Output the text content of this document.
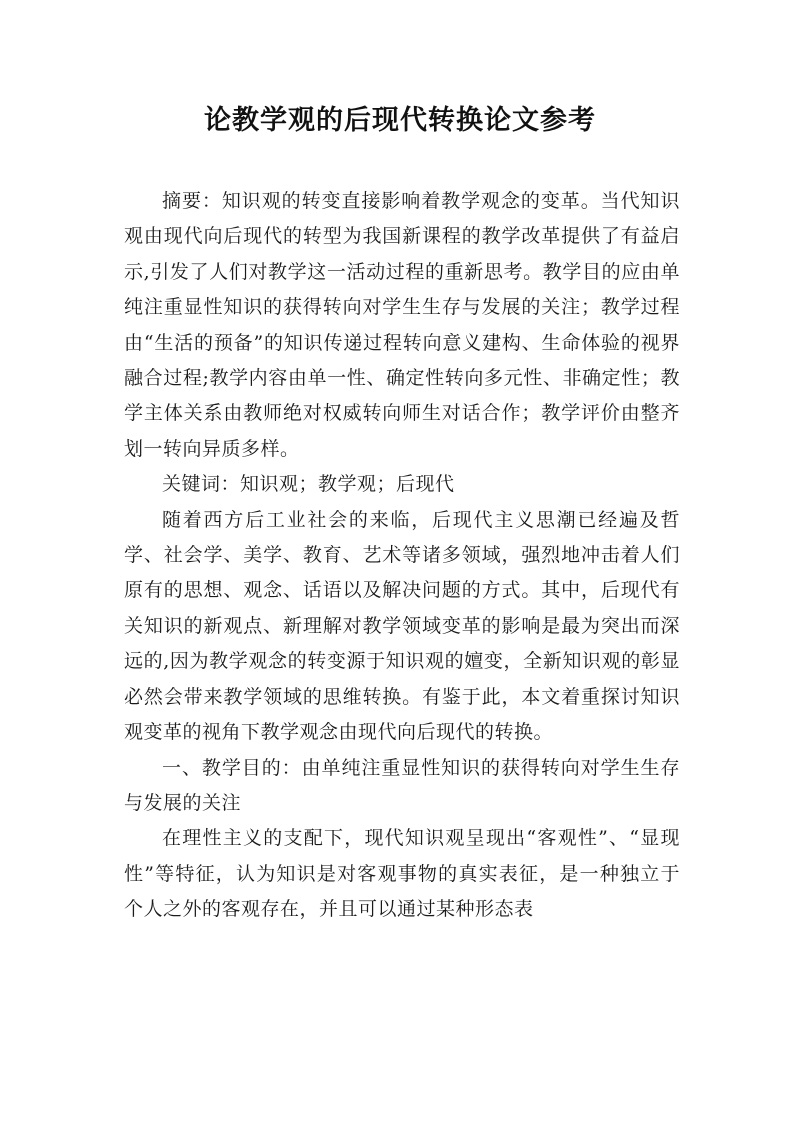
论教学观的后现代转换论文参考

摘要：知识观的转变直接影响着教学观念的变革。当代知识观由现代向后现代的转型为我国新课程的教学改革提供了有益启示,引发了人们对教学这一活动过程的重新思考。教学目的应由单纯注重显性知识的获得转向对学生生存与发展的关注；教学过程由“生活的预备”的知识传递过程转向意义建构、生命体验的视界融合过程;教学内容由单一性、确定性转向多元性、非确定性；教学主体关系由教师绝对权威转向师生对话合作；教学评价由整齐划一转向异质多样。

关键词：知识观；教学观；后现代

随着西方后工业社会的来临，后现代主义思潮已经遍及哲学、社会学、美学、教育、艺术等诸多领域，强烈地冲击着人们原有的思想、观念、话语以及解决问题的方式。其中，后现代有关知识的新观点、新理解对教学领域变革的影响是最为突出而深远的,因为教学观念的转变源于知识观的嬗变，全新知识观的彰显必然会带来教学领域的思维转换。有鉴于此，本文着重探讨知识观变革的视角下教学观念由现代向后现代的转换。

一、教学目的：由单纯注重显性知识的获得转向对学生生存与发展的关注

在理性主义的支配下，现代知识观呈现出“客观性”、“显现性”等特征，认为知识是对客观事物的真实表征，是一种独立于个人之外的客观存在，并且可以通过某种形态表
